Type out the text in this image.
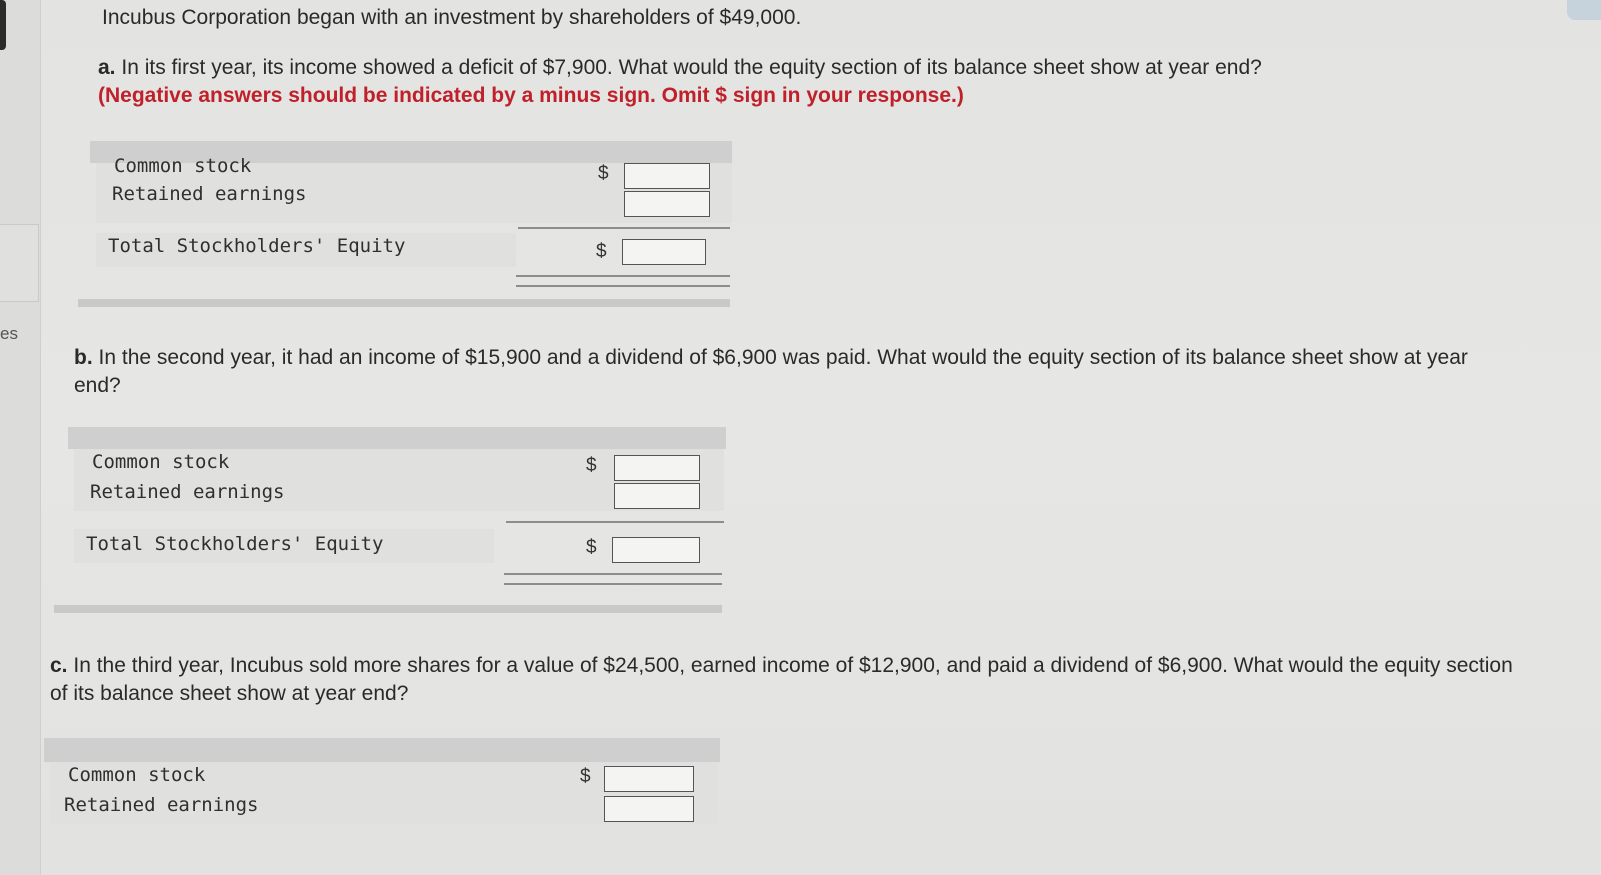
es
Incubus Corporation began with an investment by shareholders of $49,000.
a. In its first year, its income showed a deficit of $7,900. What would the equity section of its balance sheet show at year end?
(Negative answers should be indicated by a minus sign. Omit $ sign in your response.)
Common stock	$
Retained earnings
Total Stockholders' Equity	$
b. In the second year, it had an income of $15,900 and a dividend of $6,900 was paid. What would the equity section of its balance sheet show at year end?
Common stock	$
Retained earnings
Total Stockholders' Equity	$
c. In the third year, Incubus sold more shares for a value of $24,500, earned income of $12,900, and paid a dividend of $6,900. What would the equity section of its balance sheet show at year end?
Common stock	$
Retained earnings
